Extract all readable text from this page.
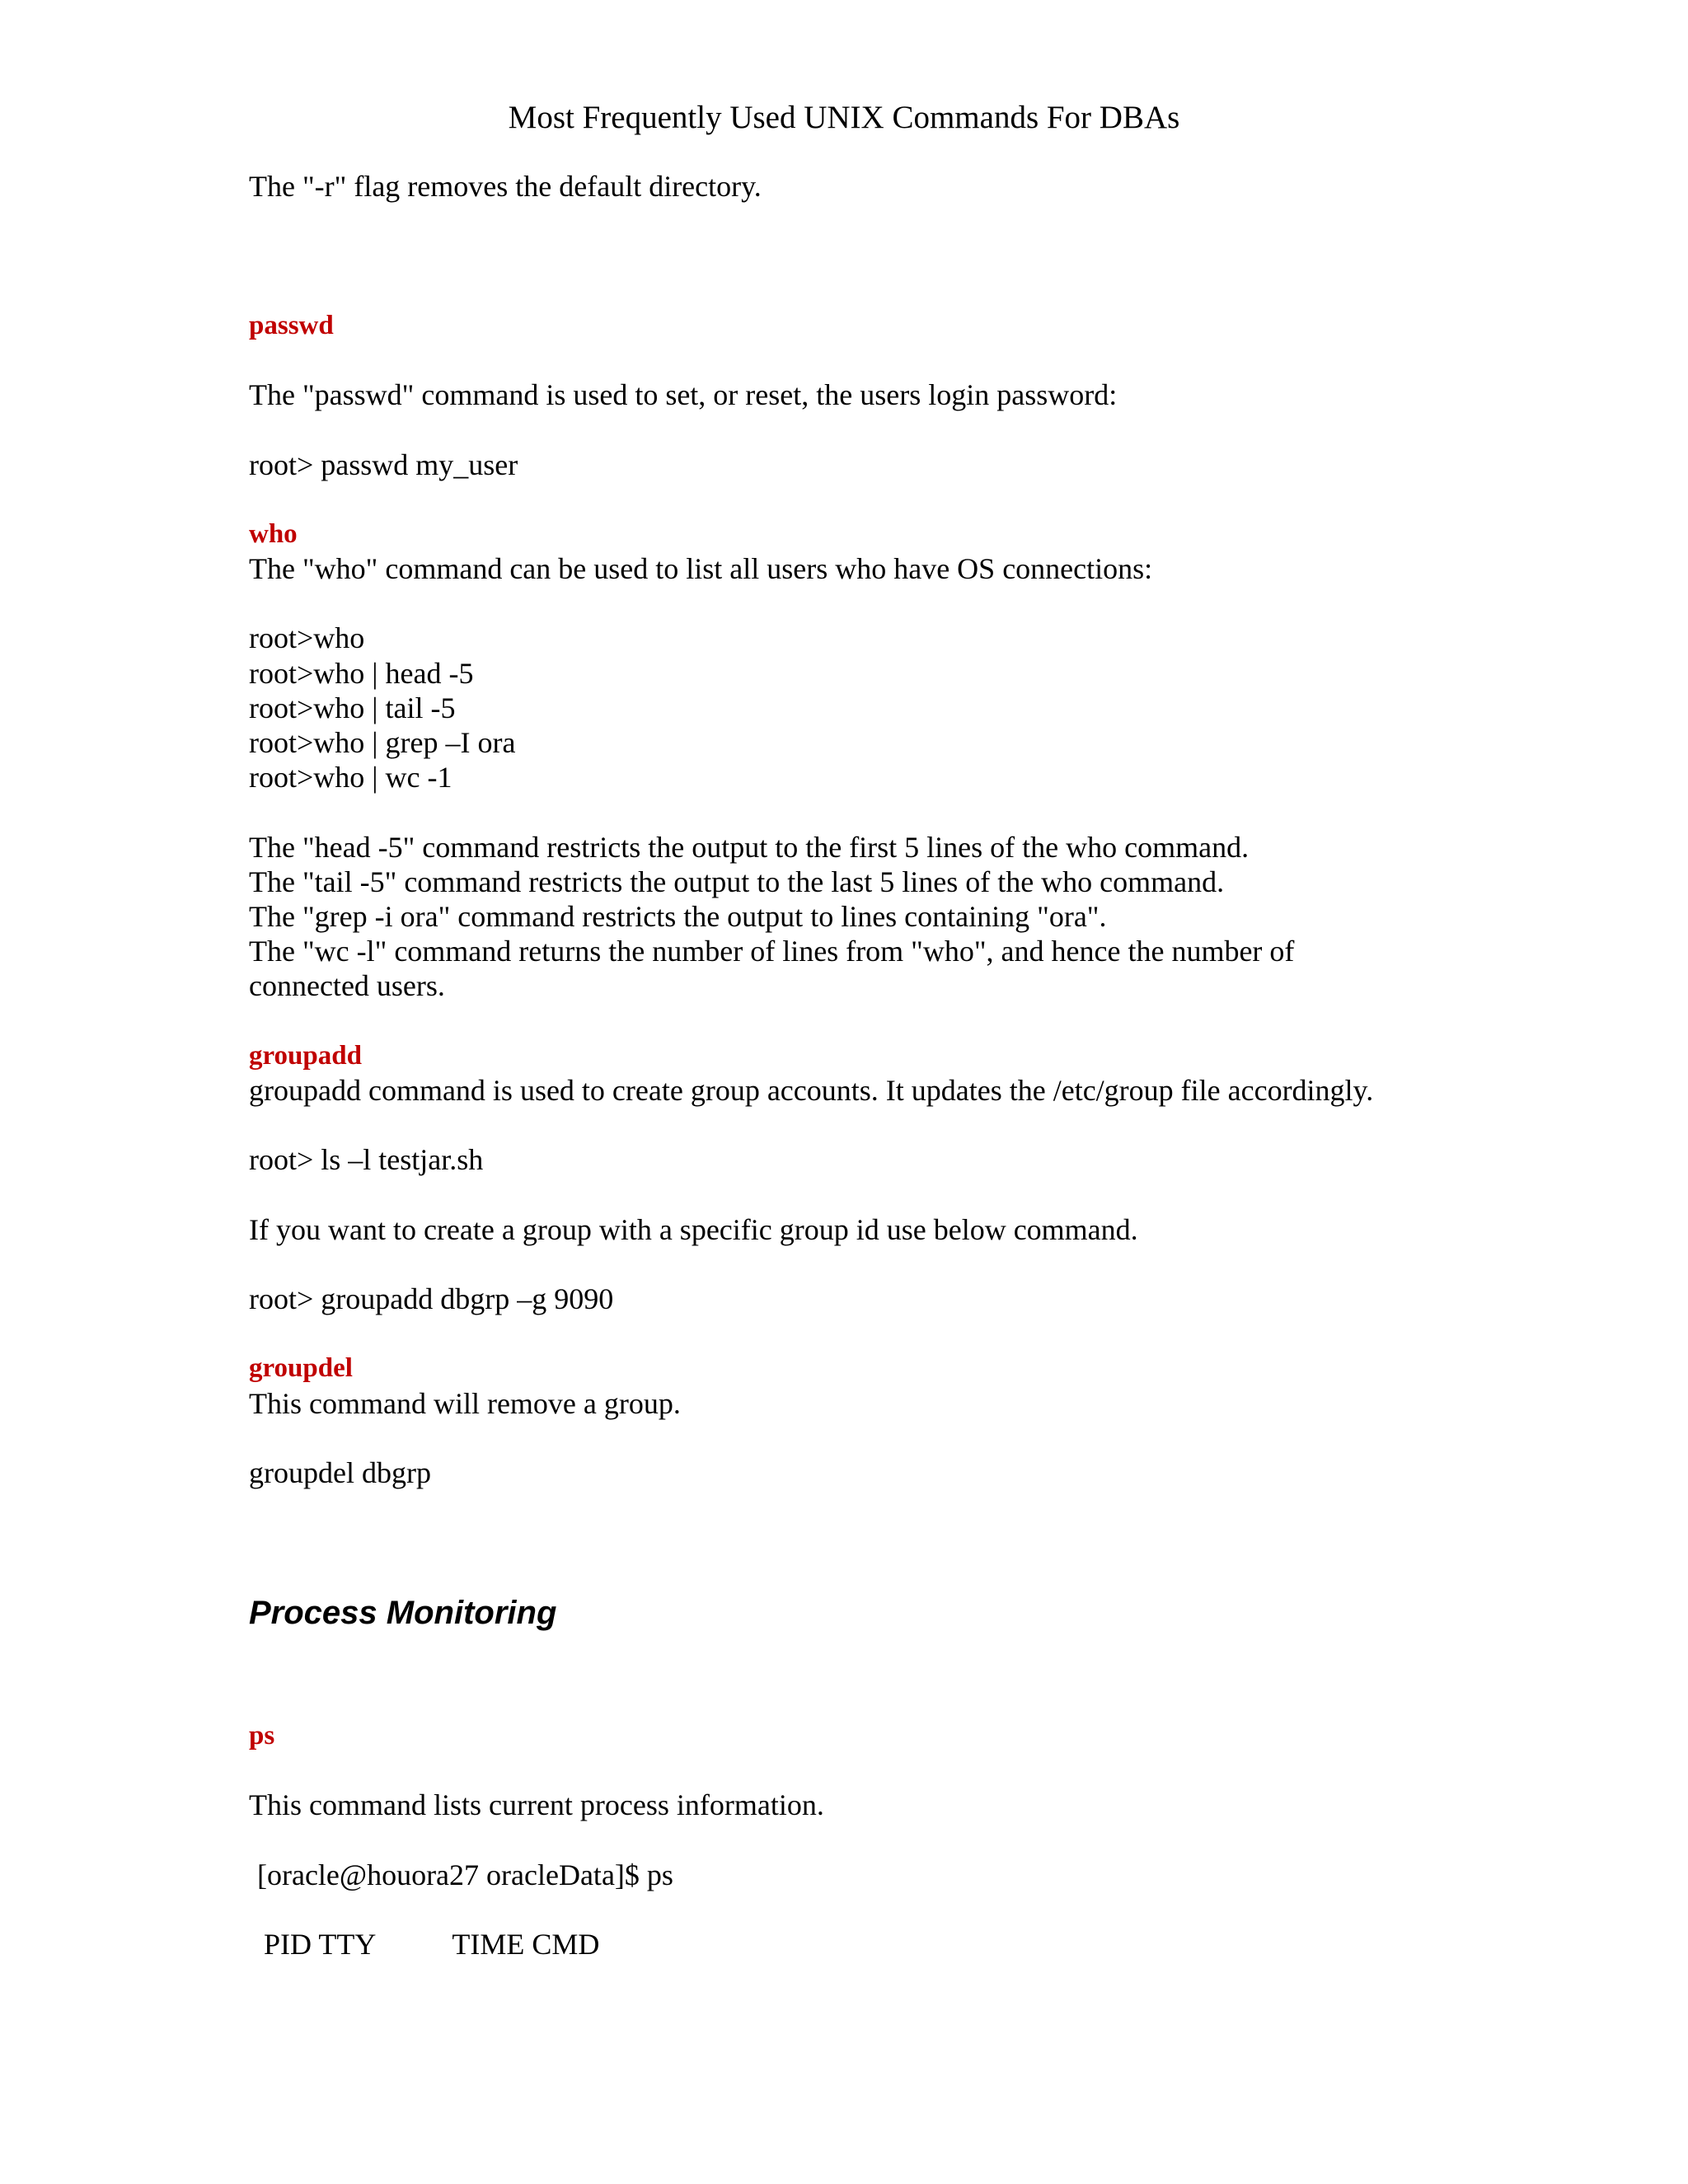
Most Frequently Used UNIX Commands For DBAs
The "-r" flag removes the default directory.
passwd
The "passwd" command is used to set, or reset, the users login password:
root> passwd my_user
who
The "who" command can be used to list all users who have OS connections:
root>who
root>who | head -5
root>who | tail -5
root>who | grep –I ora
root>who | wc -1
The "head -5" command restricts the output to the first 5 lines of the who command.
The "tail -5" command restricts the output to the last 5 lines of the who command.
The "grep -i ora" command restricts the output to lines containing "ora".
The "wc -l" command returns the number of lines from "who", and hence the number of
connected users.
groupadd
groupadd command is used to create group accounts. It updates the /etc/group file accordingly.
root> ls –l testjar.sh
If you want to create a group with a specific group id use below command.
root> groupadd dbgrp –g 9090
groupdel
This command will remove a group.
groupdel dbgrp
Process Monitoring
ps
This command lists current process information.
[oracle@houora27 oracleData]$ ps
PID TTY	TIME CMD
